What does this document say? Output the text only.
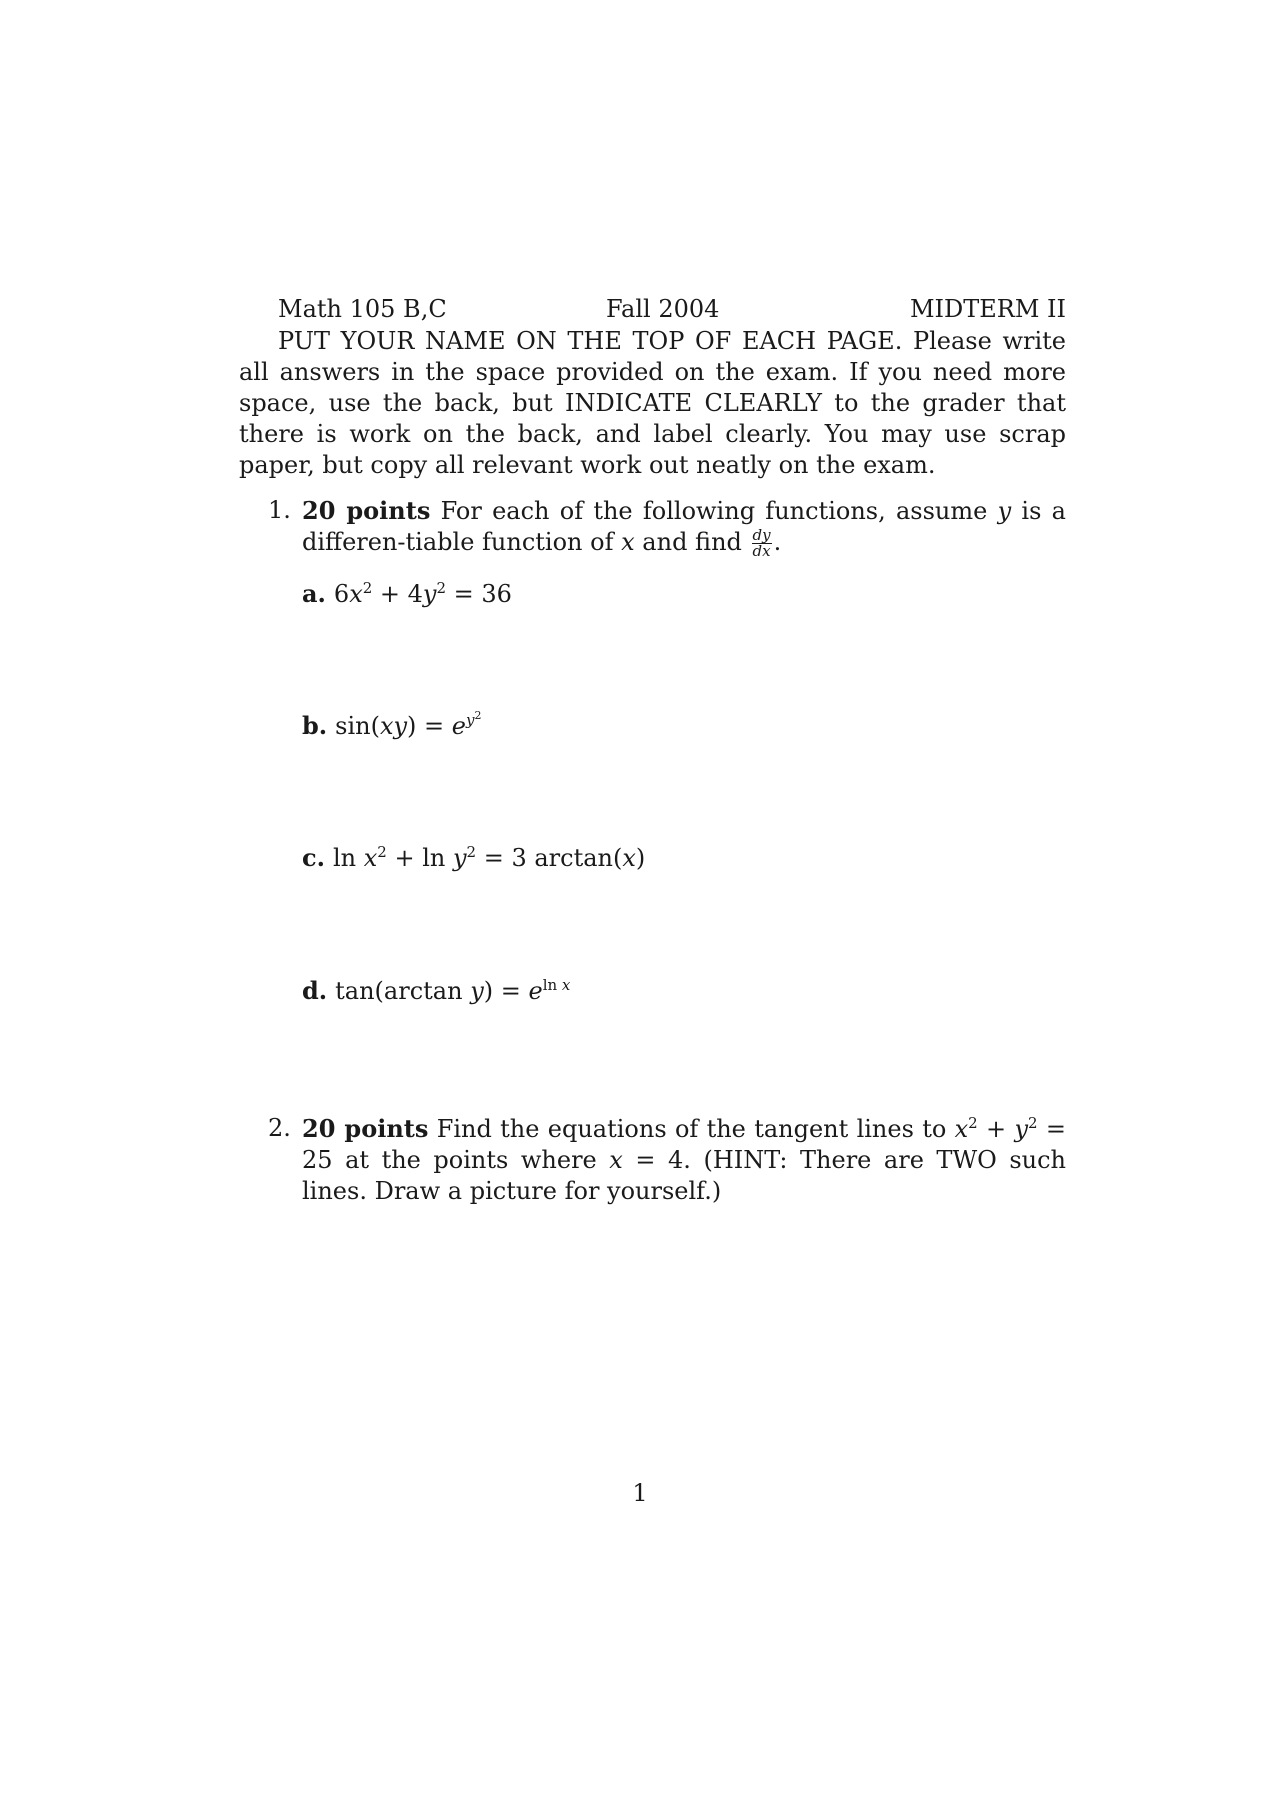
Math 105 B,C	Fall 2004	MIDTERM II
PUT YOUR NAME ON THE TOP OF EACH PAGE. Please write all answers in the space provided on the exam. If you need more space, use the back, but INDICATE CLEARLY to the grader that there is work on the back, and label clearly. You may use scrap paper, but copy all relevant work out neatly on the exam.
1. 20 points For each of the following functions, assume y is a differen-tiable function of x and find $\frac{dy}{dx}$ .
a. $6x^2 + 4y^2 = 36$
b. $\sin(xy) = e^{y^2}$
c. $\ln x^2 + \ln y^2 = 3$ arctan(x)
d. tan(arctan $y) = e^{ln x}$
2. 20 points Find the equations of the tangent lines to $x^2 + y^2 = 25$ at the points where x = 4. (HINT: There are TWO such lines. Draw a picture for yourself.)
1
